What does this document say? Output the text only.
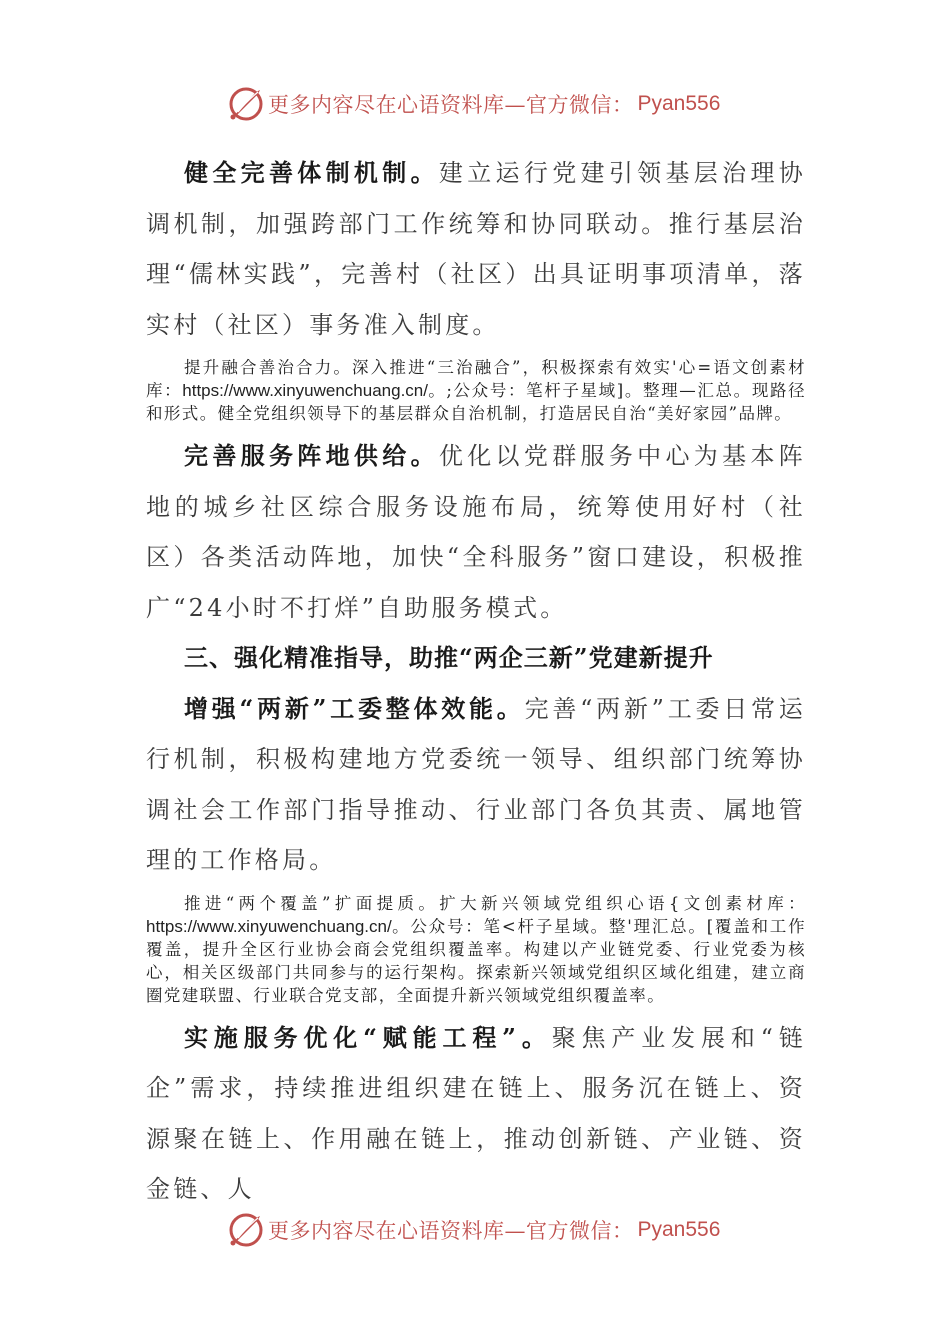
更多内容尽在心语资料库—官方微信： Pyan556

健全完善体制机制。建立运行党建引领基层治理协调机制，加强跨部门工作统筹和协同联动。推行基层治理“儒林实践”，完善村（社区）出具证明事项清单，落实村（社区）事务准入制度。

提升融合善治合力。深入推进“三治融合”，积极探索有效实'心=语文创素材库：https://www.xinyuwenchuang.cn/。;公众号：笔杆子星域]。整理—汇总。现路径和形式。健全党组织领导下的基层群众自治机制，打造居民自治“美好家园”品牌。

完善服务阵地供给。优化以党群服务中心为基本阵地的城乡社区综合服务设施布局，统筹使用好村（社区）各类活动阵地，加快“全科服务”窗口建设，积极推广“24小时不打烊”自助服务模式。

三、强化精准指导，助推“两企三新”党建新提升

增强“两新”工委整体效能。完善“两新”工委日常运行机制，积极构建地方党委统一领导、组织部门统筹协调社会工作部门指导推动、行业部门各负其责、属地管理的工作格局。

推进“两个覆盖”扩面提质。扩大新兴领域党组织心语{文创素材库：https://www.xinyuwenchuang.cn/。公众号：笔<杆子星域。整'理汇总。[覆盖和工作覆盖，提升全区行业协会商会党组织覆盖率。构建以产业链党委、行业党委为核心，相关区级部门共同参与的运行架构。探索新兴领域党组织区域化组建，建立商圈党建联盟、行业联合党支部，全面提升新兴领域党组织覆盖率。

实施服务优化“赋能工程”。聚焦产业发展和“链企”需求，持续推进组织建在链上、服务沉在链上、资源聚在链上、作用融在链上，推动创新链、产业链、资金链、人

更多内容尽在心语资料库—官方微信： Pyan556
